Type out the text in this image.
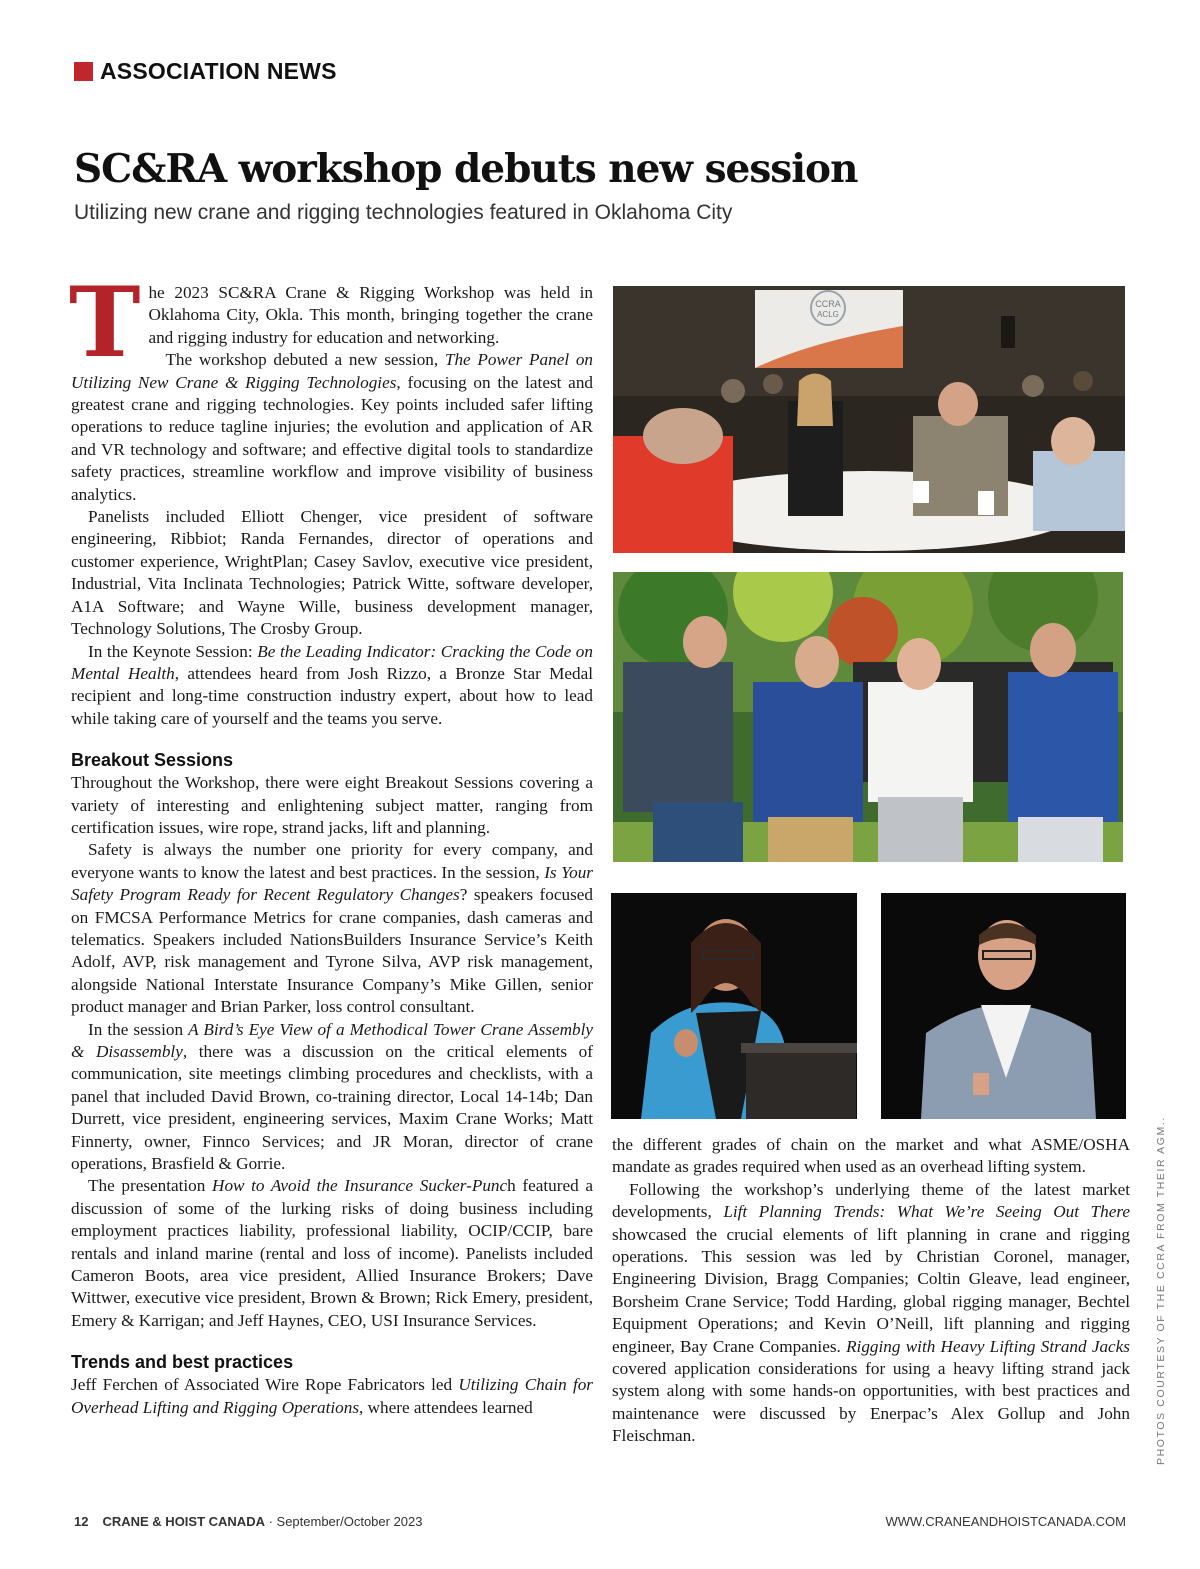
ASSOCIATION NEWS
SC&RA workshop debuts new session
Utilizing new crane and rigging technologies featured in Oklahoma City

The 2023 SC&RA Crane & Rigging Workshop was held in Oklahoma City, Okla. This month, bringing together the crane and rigging industry for education and networking.
The workshop debuted a new session, The Power Panel on Utilizing New Crane & Rigging Technologies, focusing on the latest and greatest crane and rigging technologies. Key points included safer lifting operations to reduce tagline injuries; the evolution and application of AR and VR technology and software; and effective digital tools to standardize safety practices, streamline workflow and improve visibility of business analytics.

Panelists included Elliott Chenger, vice president of software engineering, Ribbiot; Randa Fernandes, director of operations and customer experience, WrightPlan; Casey Savlov, executive vice president, Industrial, Vita Inclinata Technologies; Patrick Witte, software developer, A1A Software; and Wayne Wille, business development manager, Technology Solutions, The Crosby Group.

In the Keynote Session: Be the Leading Indicator: Cracking the Code on Mental Health, attendees heard from Josh Rizzo, a Bronze Star Medal recipient and long-time construction industry expert, about how to lead while taking care of yourself and the teams you serve.

Breakout Sessions

Throughout the Workshop, there were eight Breakout Sessions covering a variety of interesting and enlightening subject matter, ranging from certification issues, wire rope, strand jacks, lift and planning.

Safety is always the number one priority for every company, and everyone wants to know the latest and best practices. In the session, Is Your Safety Program Ready for Recent Regulatory Changes? speakers focused on FMCSA Performance Metrics for crane companies, dash cameras and telematics. Speakers included NationsBuilders Insurance Service’s Keith Adolf, AVP, risk management and Tyrone Silva, AVP risk management, alongside National Interstate Insurance Company’s Mike Gillen, senior product manager and Brian Parker, loss control consultant.

In the session A Bird’s Eye View of a Methodical Tower Crane Assembly & Disassembly, there was a discussion on the critical elements of communication, site meetings climbing procedures and checklists, with a panel that included David Brown, co-training director, Local 14-14b; Dan Durrett, vice president, engineering services, Maxim Crane Works; Matt Finnerty, owner, Finnco Services; and JR Moran, director of crane operations, Brasfield & Gorrie.

The presentation How to Avoid the Insurance Sucker-Punch featured a discussion of some of the lurking risks of doing business including employment practices liability, professional liability, OCIP/CCIP, bare rentals and inland marine (rental and loss of income). Panelists included Cameron Boots, area vice president, Allied Insurance Brokers; Dave Wittwer, executive vice president, Brown & Brown; Rick Emery, president, Emery & Karrigan; and Jeff Haynes, CEO, USI Insurance Services.

Trends and best practices

Jeff Ferchen of Associated Wire Rope Fabricators led Utilizing Chain for Overhead Lifting and Rigging Operations, where attendees learned

the different grades of chain on the market and what ASME/OSHA mandate as grades required when used as an overhead lifting system.

Following the workshop’s underlying theme of the latest market developments, Lift Planning Trends: What We’re Seeing Out There showcased the crucial elements of lift planning in crane and rigging operations. This session was led by Christian Coronel, manager, Engineering Division, Bragg Companies; Coltin Gleave, lead engineer, Borsheim Crane Service; Todd Harding, global rigging manager, Bechtel Equipment Operations; and Kevin O’Neill, lift planning and rigging engineer, Bay Crane Companies. Rigging with Heavy Lifting Strand Jacks covered application considerations for using a heavy lifting strand jack system along with some hands-on opportunities, with best practices and maintenance were discussed by Enerpac’s Alex Gollup and John Fleischman.

CCRA
ACLG
PHOTOS COURTESY OF THE CCRA FROM THEIR AGM..
12 CRANE & HOIST CANADA · September/October 2023	WWW.CRANEANDHOISTCANADA.COM
